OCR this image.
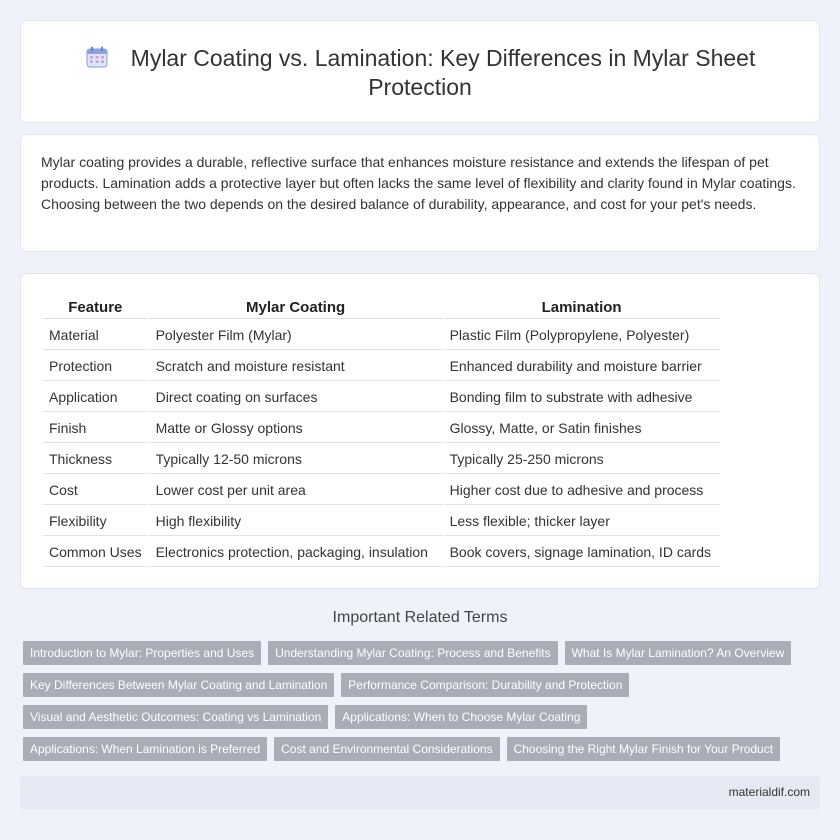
Mylar Coating vs. Lamination: Key Differences in Mylar Sheet Protection

Mylar coating provides a durable, reflective surface that enhances moisture resistance and extends the lifespan of pet products. Lamination adds a protective layer but often lacks the same level of flexibility and clarity found in Mylar coatings. Choosing between the two depends on the desired balance of durability, appearance, and cost for your pet's needs.

Feature	Mylar Coating	Lamination
Material	Polyester Film (Mylar)	Plastic Film (Polypropylene, Polyester)
Protection	Scratch and moisture resistant	Enhanced durability and moisture barrier
Application	Direct coating on surfaces	Bonding film to substrate with adhesive
Finish	Matte or Glossy options	Glossy, Matte, or Satin finishes
Thickness	Typically 12-50 microns	Typically 25-250 microns
Cost	Lower cost per unit area	Higher cost due to adhesive and process
Flexibility	High flexibility	Less flexible; thicker layer
Common Uses	Electronics protection, packaging, insulation	Book covers, signage lamination, ID cards
Important Related Terms
Introduction to Mylar: Properties and Uses	Understanding Mylar Coating: Process and Benefits	What Is Mylar Lamination? An Overview
Key Differences Between Mylar Coating and Lamination	Performance Comparison: Durability and Protection
Visual and Aesthetic Outcomes: Coating vs Lamination	Applications: When to Choose Mylar Coating
Applications: When Lamination is Preferred	Cost and Environmental Considerations	Choosing the Right Mylar Finish for Your Product
materialdif.com
